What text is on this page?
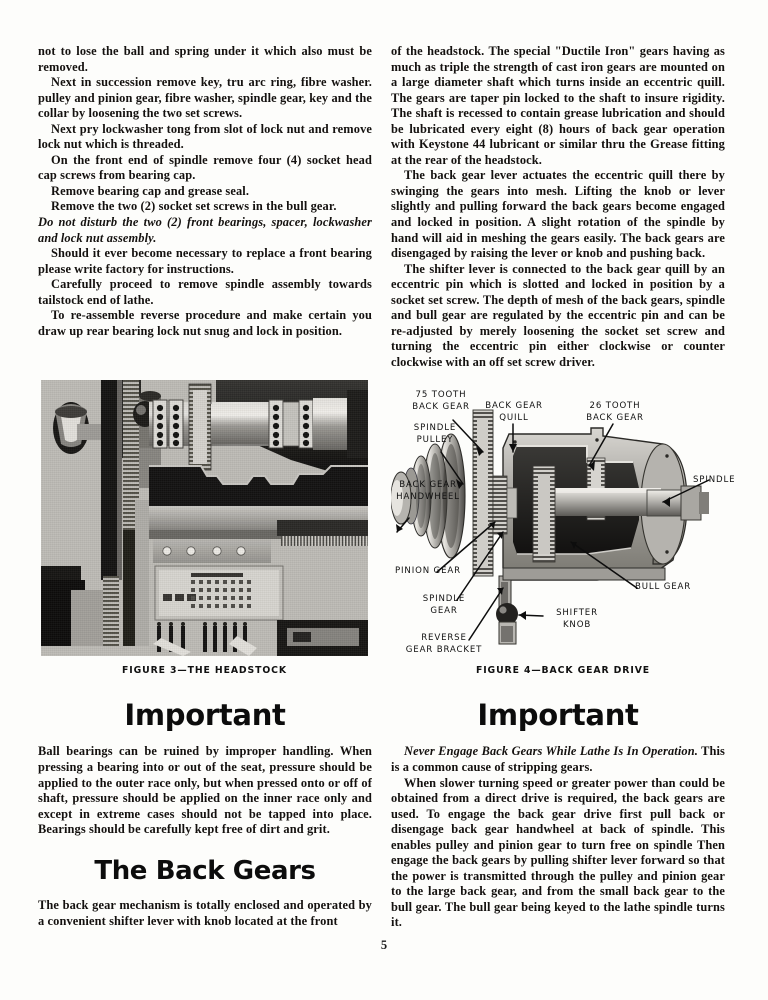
not to lose the ball and spring under it which also must be removed.

Next in succession remove key, tru arc ring, fibre washer. pulley and pinion gear, fibre washer, spindle gear, key and the collar by loosening the two set screws.

Next pry lockwasher tong from slot of lock nut and remove lock nut which is threaded.

On the front end of spindle remove four (4) socket head cap screws from bearing cap.

Remove bearing cap and grease seal.

Remove the two (2) socket set screws in the bull gear.

Do not disturb the two (2) front bearings, spacer, lockwasher and lock nut assembly.

Should it ever become necessary to replace a front bearing please write factory for instructions.

Carefully proceed to remove spindle assembly towards tailstock end of lathe.

To re-assemble reverse procedure and make certain you draw up rear bearing lock nut snug and lock in position.

FIGURE 3—THE HEADSTOCK
Important

Ball bearings can be ruined by improper handling. When pressing a bearing into or out of the seat, pressure should be applied to the outer race only, but when pressed onto or off of shaft, pressure should be applied on the inner race only and except in extreme cases should not be tapped into place. Bearings should be carefully kept free of dirt and grit.

The Back Gears

The back gear mechanism is totally enclosed and operated by a convenient shifter lever with knob located at the front

of the headstock. The special "Ductile Iron" gears having as much as triple the strength of cast iron gears are mounted on a large diameter shaft which turns inside an eccentric quill. The gears are taper pin locked to the shaft to insure rigidity. The shaft is recessed to contain grease lubrication and should be lubricated every eight (8) hours of back gear operation with Keystone 44 lubricant or similar thru the Grease fitting at the rear of the headstock.

The back gear lever actuates the eccentric quill there by swinging the gears into mesh. Lifting the knob or lever slightly and pulling forward the back gears become engaged and locked in position. A slight rotation of the spindle by hand will aid in meshing the gears easily. The back gears are disengaged by raising the lever or knob and pushing back.

The shifter lever is connected to the back gear quill by an eccentric pin which is slotted and locked in position by a socket set screw. The depth of mesh of the back gears, spindle and bull gear are regulated by the eccentric pin and can be re-adjusted by merely loosening the socket set screw and turning the eccentric pin either clockwise or counter clockwise with an off set screw driver.

75 TOOTH
BACK GEAR
SPINDLE
PULLEY
BACK GEAR
HANDWHEEL
BACK GEAR
QUILL
26 TOOTH
BACK GEAR
SPINDLE
PINION GEAR
SPINDLE
GEAR
REVERSE
GEAR BRACKET
SHIFTER
KNOB
BULL GEAR
FIGURE 4—BACK GEAR DRIVE
Important

Never Engage Back Gears While Lathe Is In Operation. This is a common cause of stripping gears.

When slower turning speed or greater power than could be obtained from a direct drive is required, the back gears are used. To engage the back gear drive first pull back or disengage back gear handwheel at back of spindle. This enables pulley and pinion gear to turn free on spindle Then engage the back gears by pulling shifter lever forward so that the power is transmitted through the pulley and pinion gear to the large back gear, and from the small back gear to the bull gear. The bull gear being keyed to the lathe spindle turns it.

5
